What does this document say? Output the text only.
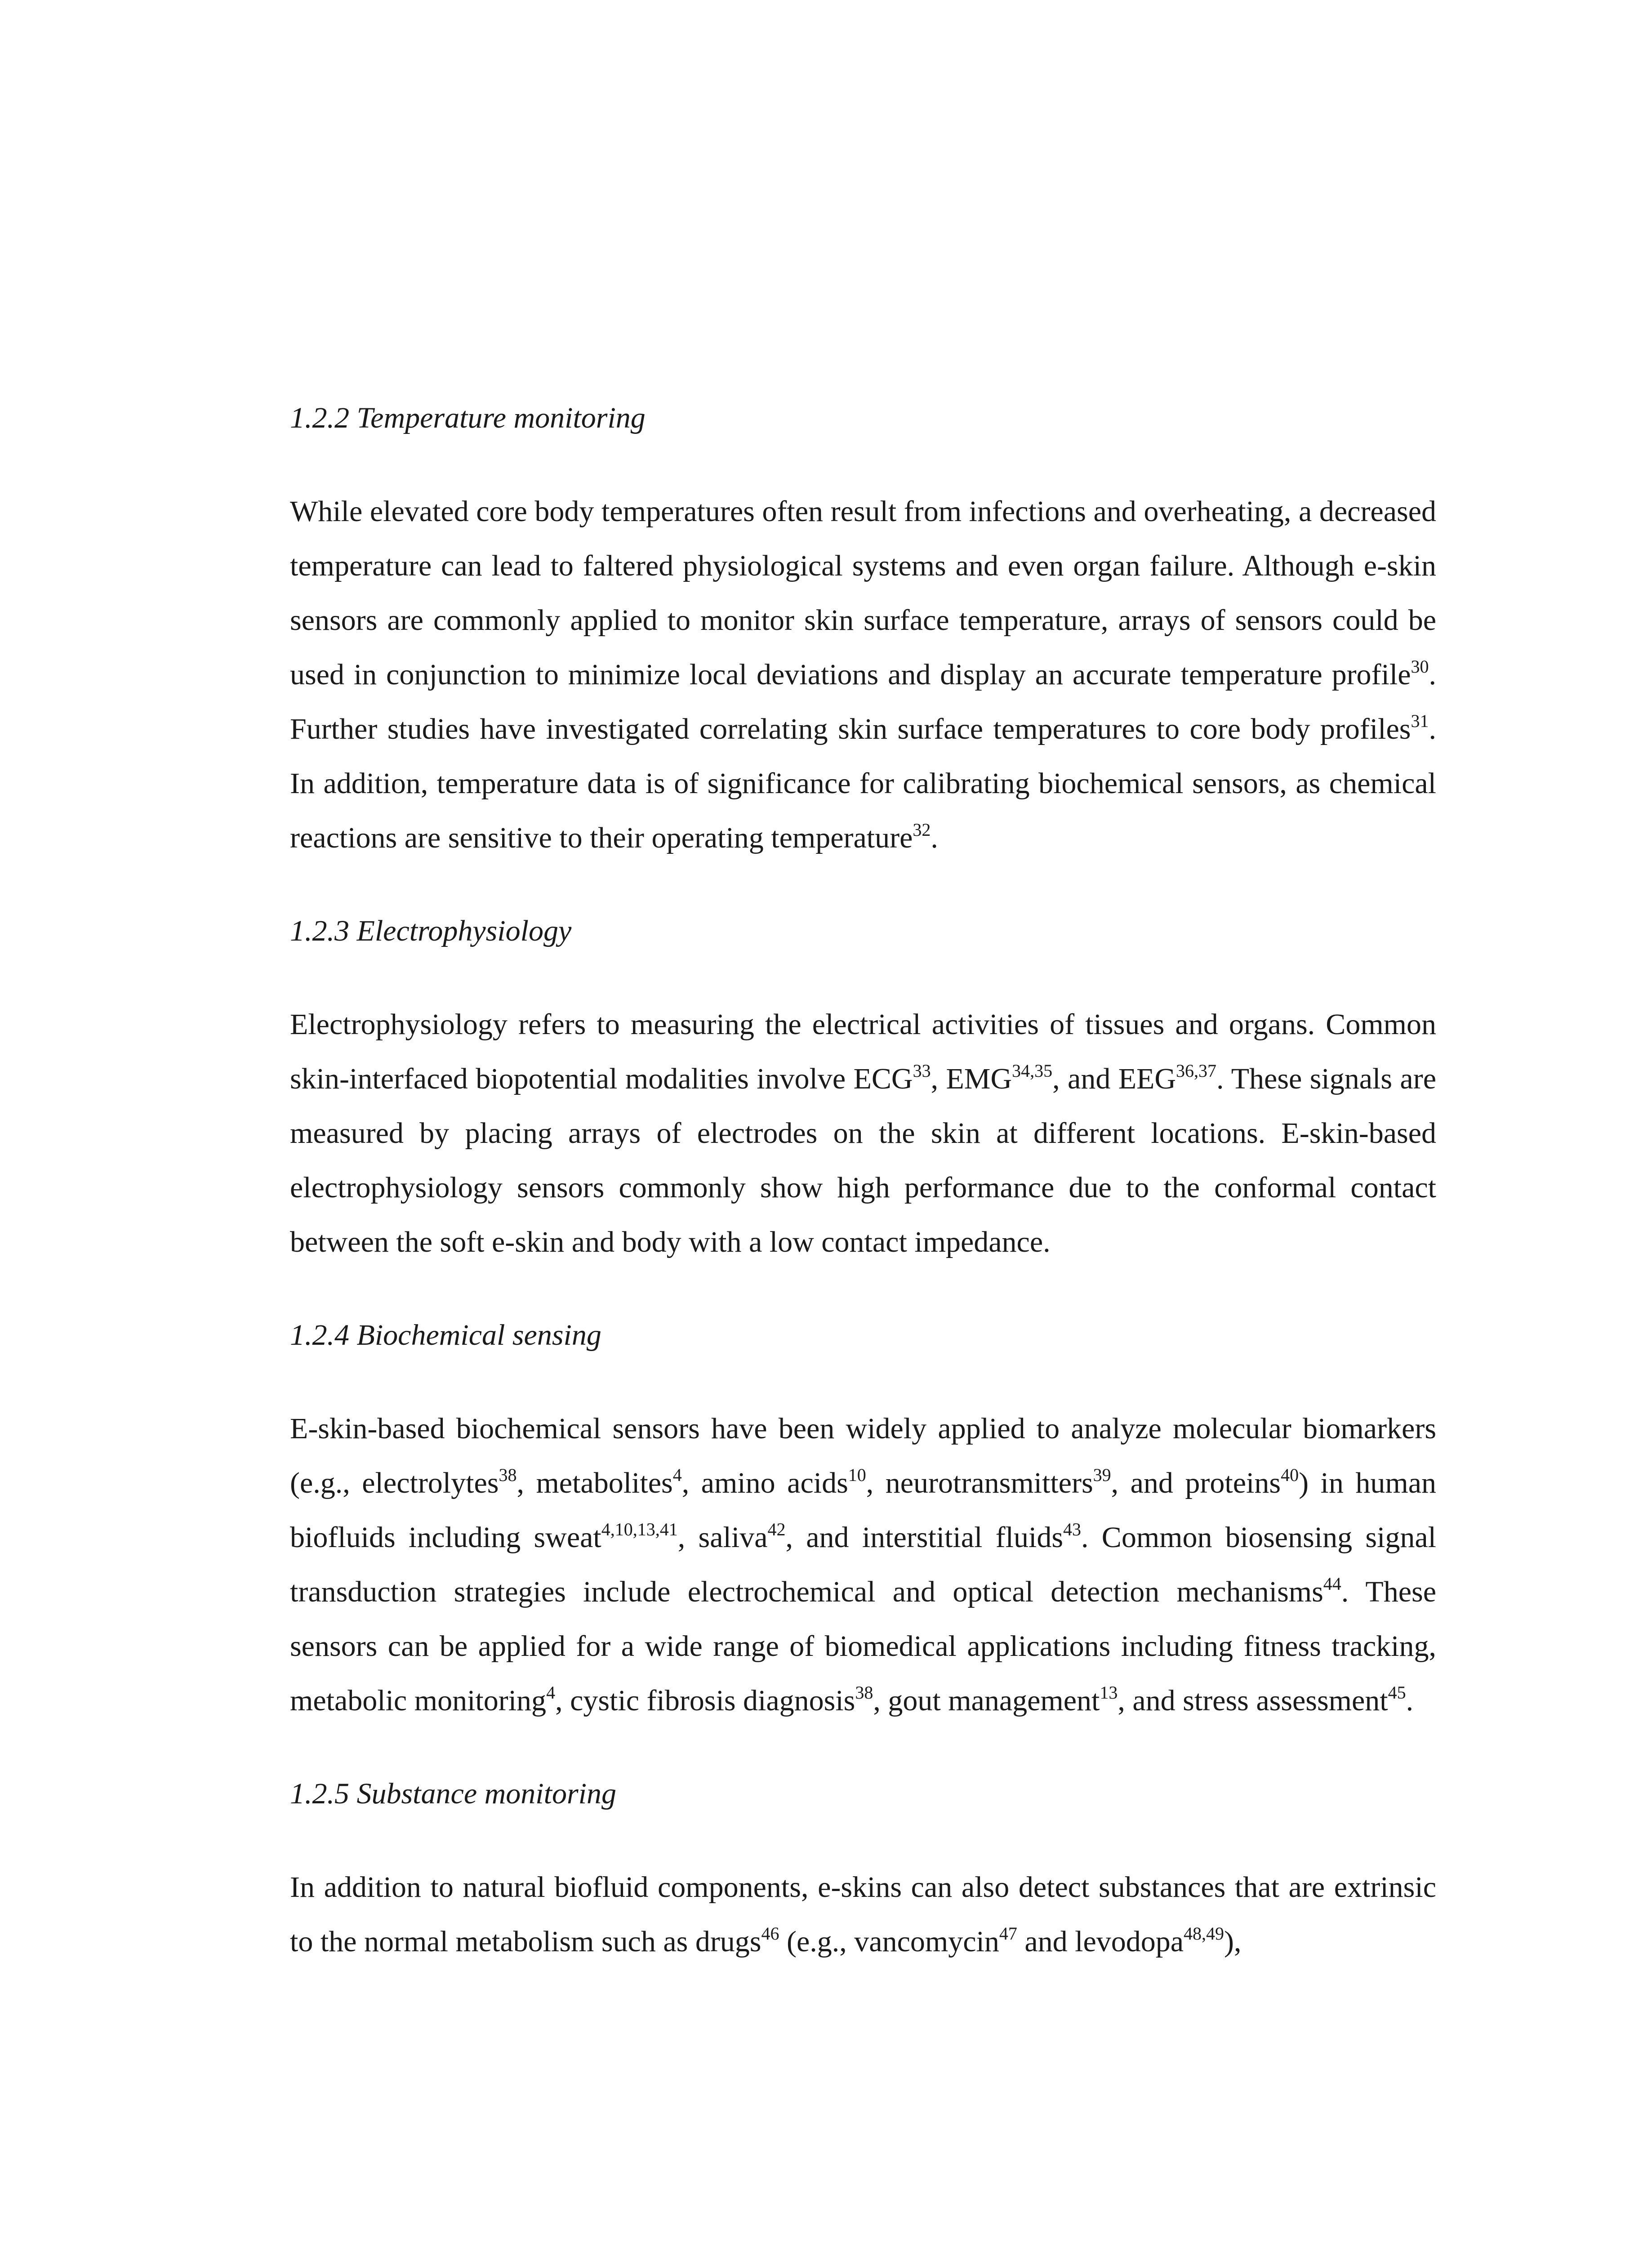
1.2.2 Temperature monitoring

While elevated core body temperatures often result from infections and overheating, a decreased temperature can lead to faltered physiological systems and even organ failure. Although e-skin sensors are commonly applied to monitor skin surface temperature, arrays of sensors could be used in conjunction to minimize local deviations and display an accurate temperature profile$^{30}$. Further studies have investigated correlating skin surface temperatures to core body profiles$^{31}$. In addition, temperature data is of significance for calibrating biochemical sensors, as chemical reactions are sensitive to their operating temperature$^{32}$.

1.2.3 Electrophysiology

Electrophysiology refers to measuring the electrical activities of tissues and organs. Common skin-interfaced biopotential modalities involve ECG$^{33}$, EMG$^{34,35}$, and EEG$^{36,37}$. These signals are measured by placing arrays of electrodes on the skin at different locations. E-skin-based electrophysiology sensors commonly show high performance due to the conformal contact between the soft e-skin and body with a low contact impedance.

1.2.4 Biochemical sensing

E-skin-based biochemical sensors have been widely applied to analyze molecular biomarkers (e.g., electrolytes$^{38}$, metabolites$^4$, amino acids$^{10}$, neurotransmitters$^{39}$, and proteins$^{40}$) in human biofluids including sweat$^{4,10,13,41}$, saliva$^{42}$, and interstitial fluids$^{43}$. Common biosensing signal transduction strategies include electrochemical and optical detection mechanisms$^{44}$. These sensors can be applied for a wide range of biomedical applications including fitness tracking, metabolic monitoring$^4$, cystic fibrosis diagnosis$^{38}$, gout management$^{13}$, and stress assessment$^{45}$.

1.2.5 Substance monitoring

In addition to natural biofluid components, e-skins can also detect substances that are extrinsic to the normal metabolism such as drugs$^{46}$ (e.g., vancomycin$^{47}$ and levodopa$^{48,49}$),
